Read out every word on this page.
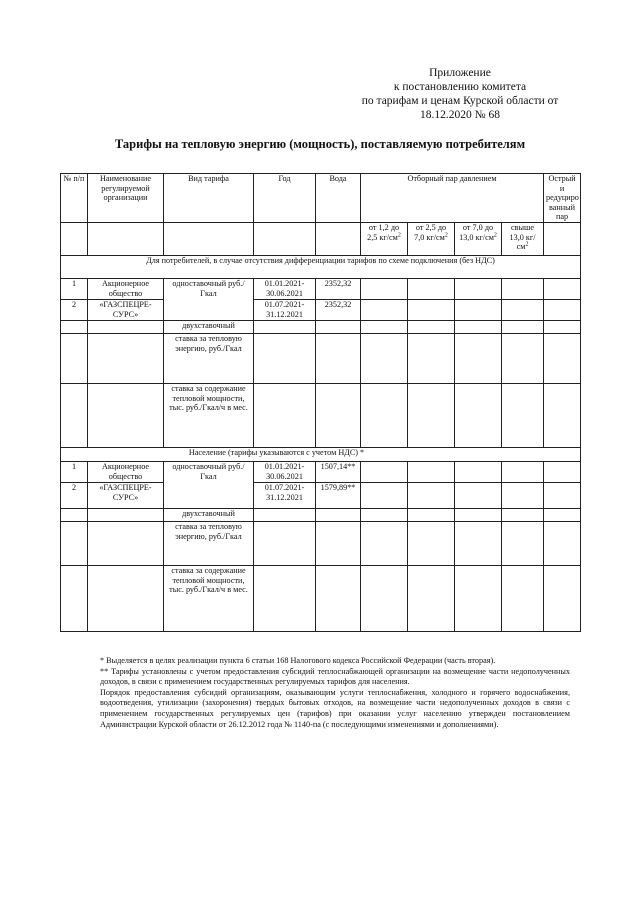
Приложение
к постановлению комитета
по тарифам и ценам Курской области от
18.12.2020 № 68
Тарифы на тепловую энергию (мощность), поставляемую потребителям
№ п/п	Наименование регулируемой организации	Вид тарифа	Год	Вода	Отборный пар давлением				Острый и редуциро ванный пар
					от 1,2 до 2,5 $кг/см^2$	от 2,5 до 7,0 $кг/см^2$	от 7,0 до 13,0 $кг/см^2$	свыше 13,0 $кг/см^2$	
Для потребителей, в случае отсутствия дифференциации тарифов по схеме подключения (без НДС)									
1	Акционерное общество	одноставочный руб./Гкал	01.01.2021-30.06.2021	2352,32					
2	«ГАЗСПЕЦРЕ-СУРС»		01.07.2021-31.12.2021	2352,32					
		двухставочный							
		ставка за тепловую энергию, руб./Гкал							
		ставка за содержание тепловой мощности, тыс. руб./Гкал/ч в мес.							
Население (тарифы указываются с учетом НДС) *									
1	Акционерное общество	одноставочный руб./Гкал	01.01.2021-30.06.2021	1507,14**					
2	«ГАЗСПЕЦРЕ-СУРС»		01.07.2021-31.12.2021	1579,89**					
		двухставочный							
		ставка за тепловую энергию, руб./Гкал							
		ставка за содержание тепловой мощности, тыс. руб./Гкал/ч в мес.							

* Выделяется в целях реализации пункта 6 статьи 168 Налогового кодекса Российской Федерации (часть вторая).

** Тарифы установлены с учетом предоставления субсидий теплоснабжающей организации на возмещение части недополученных доходов, в связи с применением государственных регулируемых тарифов для населения.

Порядок предоставления субсидий организациям, оказывающим услуги теплоснабжения, холодного и горячего водоснабжения, водоотведения, утилизации (захоронения) твердых бытовых отходов, на возмещение части недополученных доходов в связи с применением государственных регулируемых цен (тарифов) при оказании услуг населению утвержден постановлением Администрации Курской области от 26.12.2012 года № 1140-па (с последующими изменениями и дополнениями).
